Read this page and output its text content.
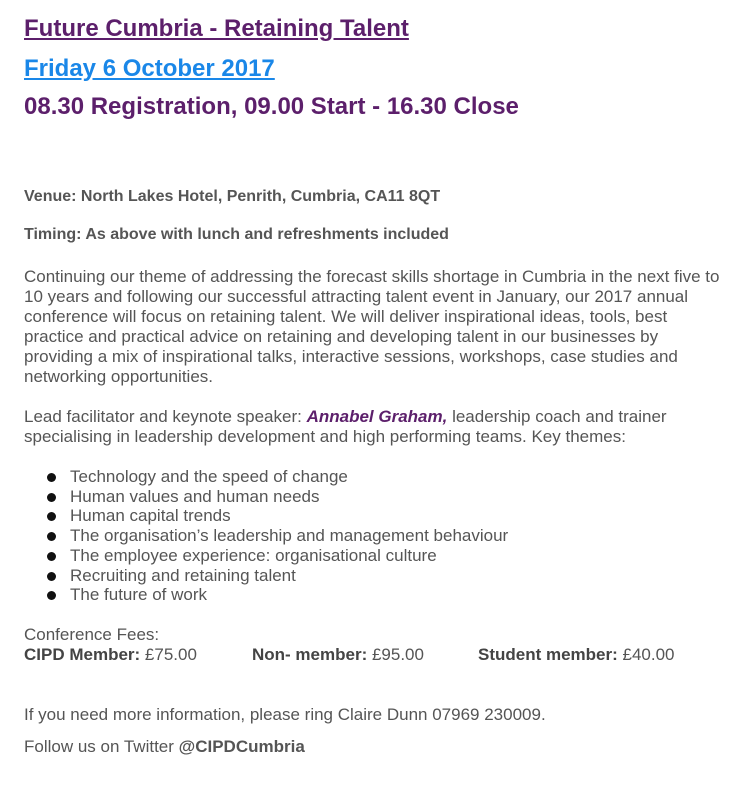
Future Cumbria - Retaining Talent
Friday 6 October 2017
08.30 Registration, 09.00 Start - 16.30 Close
Venue: North Lakes Hotel, Penrith, Cumbria, CA11 8QT
Timing: As above with lunch and refreshments included
Continuing our theme of addressing the forecast skills shortage in Cumbria in the next five to 10 years and following our successful attracting talent event in January, our 2017 annual conference will focus on retaining talent. We will deliver inspirational ideas, tools, best practice and practical advice on retaining and developing talent in our businesses by providing a mix of inspirational talks, interactive sessions, workshops, case studies and networking opportunities.
Lead facilitator and keynote speaker: Annabel Graham, leadership coach and trainer specialising in leadership development and high performing teams. Key themes:
Technology and the speed of change
Human values and human needs
Human capital trends
The organisation’s leadership and management behaviour
The employee experience: organisational culture
Recruiting and retaining talent
The future of work
Conference Fees:
CIPD Member: £75.00	Non- member: £95.00	Student member: £40.00
If you need more information, please ring Claire Dunn 07969 230009.
Follow us on Twitter @CIPDCumbria
